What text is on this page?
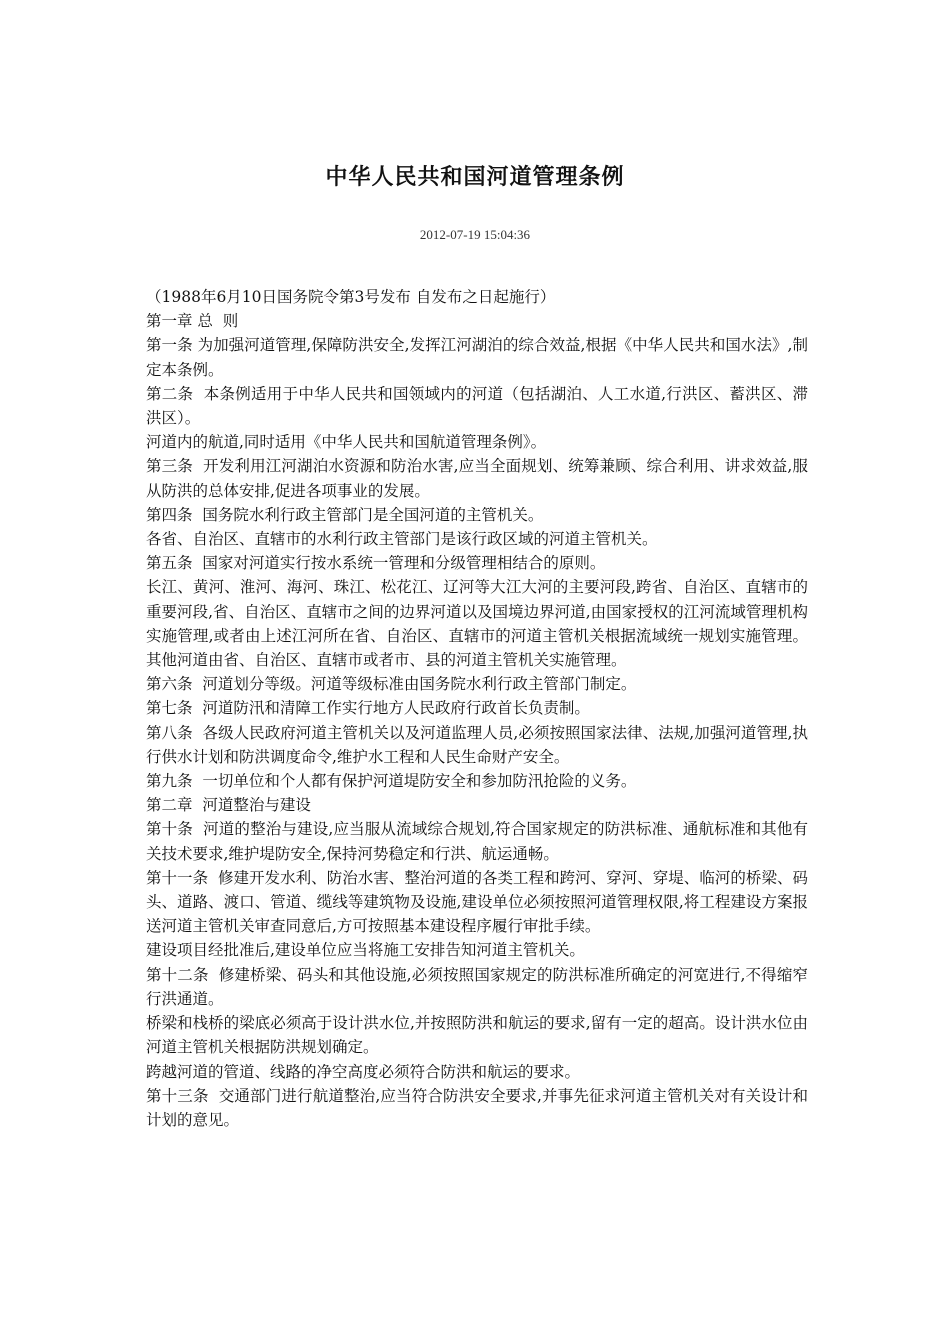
中华人民共和国河道管理条例
2012-07-19 15:04:36

（1988年6月10日国务院令第3号发布 自发布之日起施行）

第一章 总  则

第一条 为加强河道管理,保障防洪安全,发挥江河湖泊的综合效益,根据《中华人民共和国水法》,制定本条例。

第二条  本条例适用于中华人民共和国领域内的河道（包括湖泊、人工水道,行洪区、蓄洪区、滞洪区）。

河道内的航道,同时适用《中华人民共和国航道管理条例》。

第三条  开发利用江河湖泊水资源和防治水害,应当全面规划、统筹兼顾、综合利用、讲求效益,服从防洪的总体安排,促进各项事业的发展。

第四条  国务院水利行政主管部门是全国河道的主管机关。

各省、自治区、直辖市的水利行政主管部门是该行政区域的河道主管机关。

第五条  国家对河道实行按水系统一管理和分级管理相结合的原则。

长江、黄河、淮河、海河、珠江、松花江、辽河等大江大河的主要河段,跨省、自治区、直辖市的重要河段,省、自治区、直辖市之间的边界河道以及国境边界河道,由国家授权的江河流域管理机构实施管理,或者由上述江河所在省、自治区、直辖市的河道主管机关根据流域统一规划实施管理。其他河道由省、自治区、直辖市或者市、县的河道主管机关实施管理。

第六条  河道划分等级。河道等级标准由国务院水利行政主管部门制定。

第七条  河道防汛和清障工作实行地方人民政府行政首长负责制。

第八条  各级人民政府河道主管机关以及河道监理人员,必须按照国家法律、法规,加强河道管理,执行供水计划和防洪调度命令,维护水工程和人民生命财产安全。

第九条  一切单位和个人都有保护河道堤防安全和参加防汛抢险的义务。

第二章  河道整治与建设

第十条  河道的整治与建设,应当服从流域综合规划,符合国家规定的防洪标准、通航标准和其他有关技术要求,维护堤防安全,保持河势稳定和行洪、航运通畅。

第十一条  修建开发水利、防治水害、整治河道的各类工程和跨河、穿河、穿堤、临河的桥梁、码头、道路、渡口、管道、缆线等建筑物及设施,建设单位必须按照河道管理权限,将工程建设方案报送河道主管机关审查同意后,方可按照基本建设程序履行审批手续。

建设项目经批准后,建设单位应当将施工安排告知河道主管机关。

第十二条  修建桥梁、码头和其他设施,必须按照国家规定的防洪标准所确定的河宽进行,不得缩窄行洪通道。

桥梁和栈桥的梁底必须高于设计洪水位,并按照防洪和航运的要求,留有一定的超高。设计洪水位由河道主管机关根据防洪规划确定。

跨越河道的管道、线路的净空高度必须符合防洪和航运的要求。

第十三条  交通部门进行航道整治,应当符合防洪安全要求,并事先征求河道主管机关对有关设计和计划的意见。
